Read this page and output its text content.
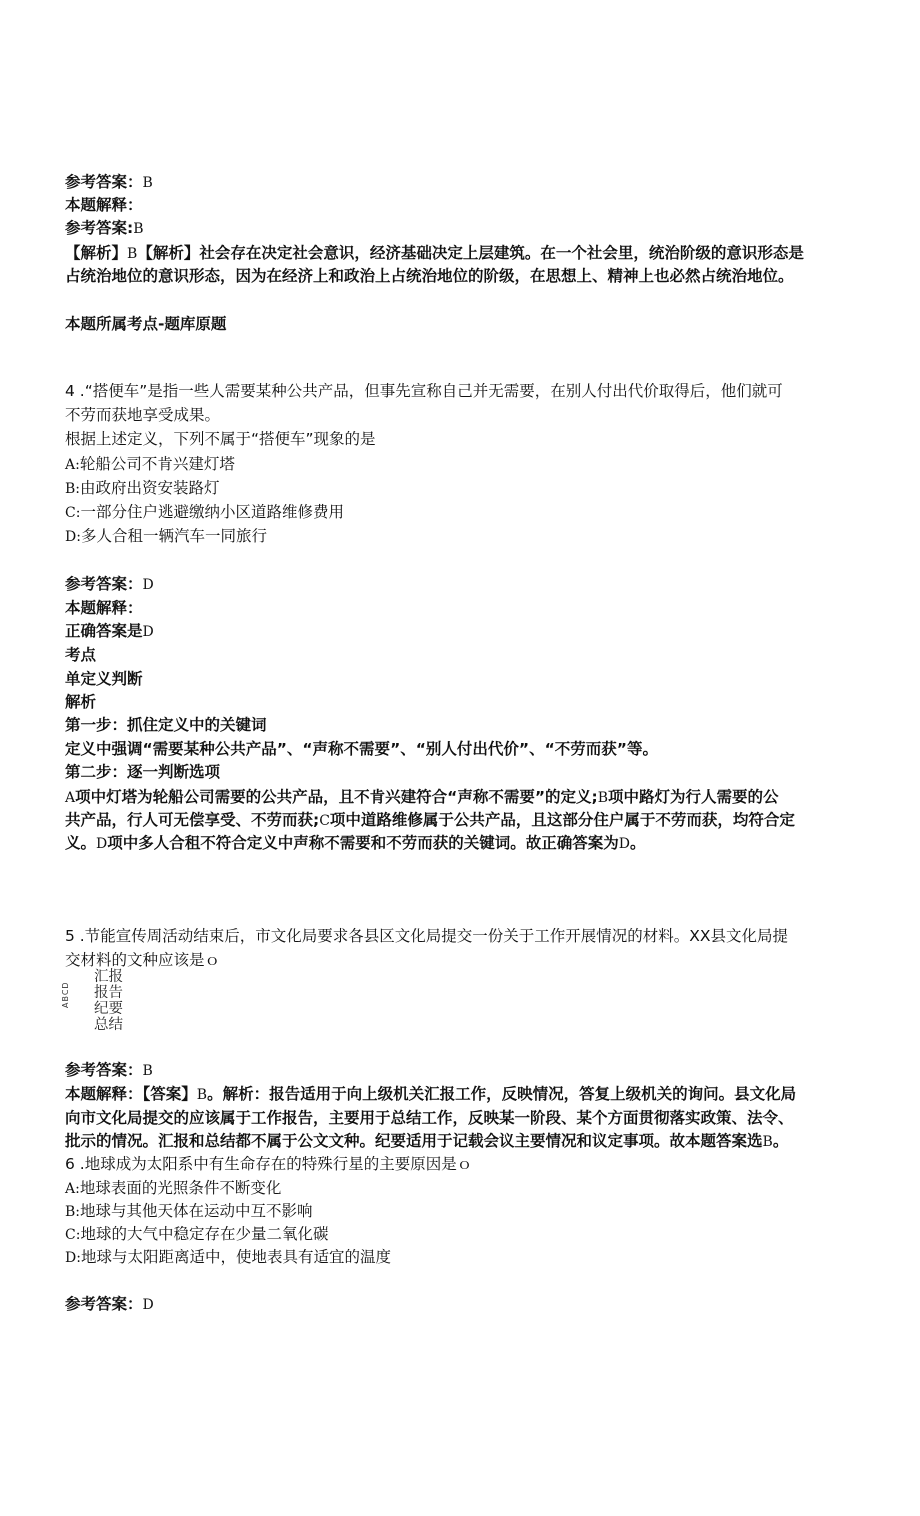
参考答案：B
本题解释：
参考答案:B
【解析】B【解析】社会存在决定社会意识，经济基础决定上层建筑。在一个社会里，统治阶级的意识形态是
占统治地位的意识形态，因为在经济上和政治上占统治地位的阶级，在思想上、精神上也必然占统治地位。
本题所属考点-题库原题
4 .“搭便车”是指一些人需要某种公共产品，但事先宣称自己并无需要，在别人付出代价取得后，他们就可
不劳而获地享受成果。
根据上述定义，下列不属于“搭便车”现象的是
A:轮船公司不肯兴建灯塔
B:由政府出资安装路灯
C:一部分住户逃避缴纳小区道路维修费用
D:多人合租一辆汽车一同旅行
参考答案：D
本题解释：
正确答案是D
考点
单定义判断
解析
第一步：抓住定义中的关键词
定义中强调“需要某种公共产品”、“声称不需要”、“别人付出代价”、“不劳而获”等。
第二步：逐一判断选项
A项中灯塔为轮船公司需要的公共产品，且不肯兴建符合“声称不需要”的定义;B项中路灯为行人需要的公
共产品，行人可无偿享受、不劳而获;C项中道路维修属于公共产品，且这部分住户属于不劳而获，均符合定
义。D项中多人合租不符合定义中声称不需要和不劳而获的关键词。故正确答案为D。
5 .节能宣传周活动结束后，市文化局要求各县区文化局提交一份关于工作开展情况的材料。XX县文化局提
交材料的文种应该是ｏ
ABCD
汇报
报告
纪要
总结
参考答案：B
本题解释：【答案】B。解析：报告适用于向上级机关汇报工作，反映情况，答复上级机关的询问。县文化局
向市文化局提交的应该属于工作报告，主要用于总结工作，反映某一阶段、某个方面贯彻落实政策、法令、
批示的情况。汇报和总结都不属于公文文种。纪要适用于记载会议主要情况和议定事项。故本题答案选B。
6 .地球成为太阳系中有生命存在的特殊行星的主要原因是ｏ
A:地球表面的光照条件不断变化
B:地球与其他天体在运动中互不影响
C:地球的大气中稳定存在少量二氧化碳
D:地球与太阳距离适中，使地表具有适宜的温度
参考答案：D
